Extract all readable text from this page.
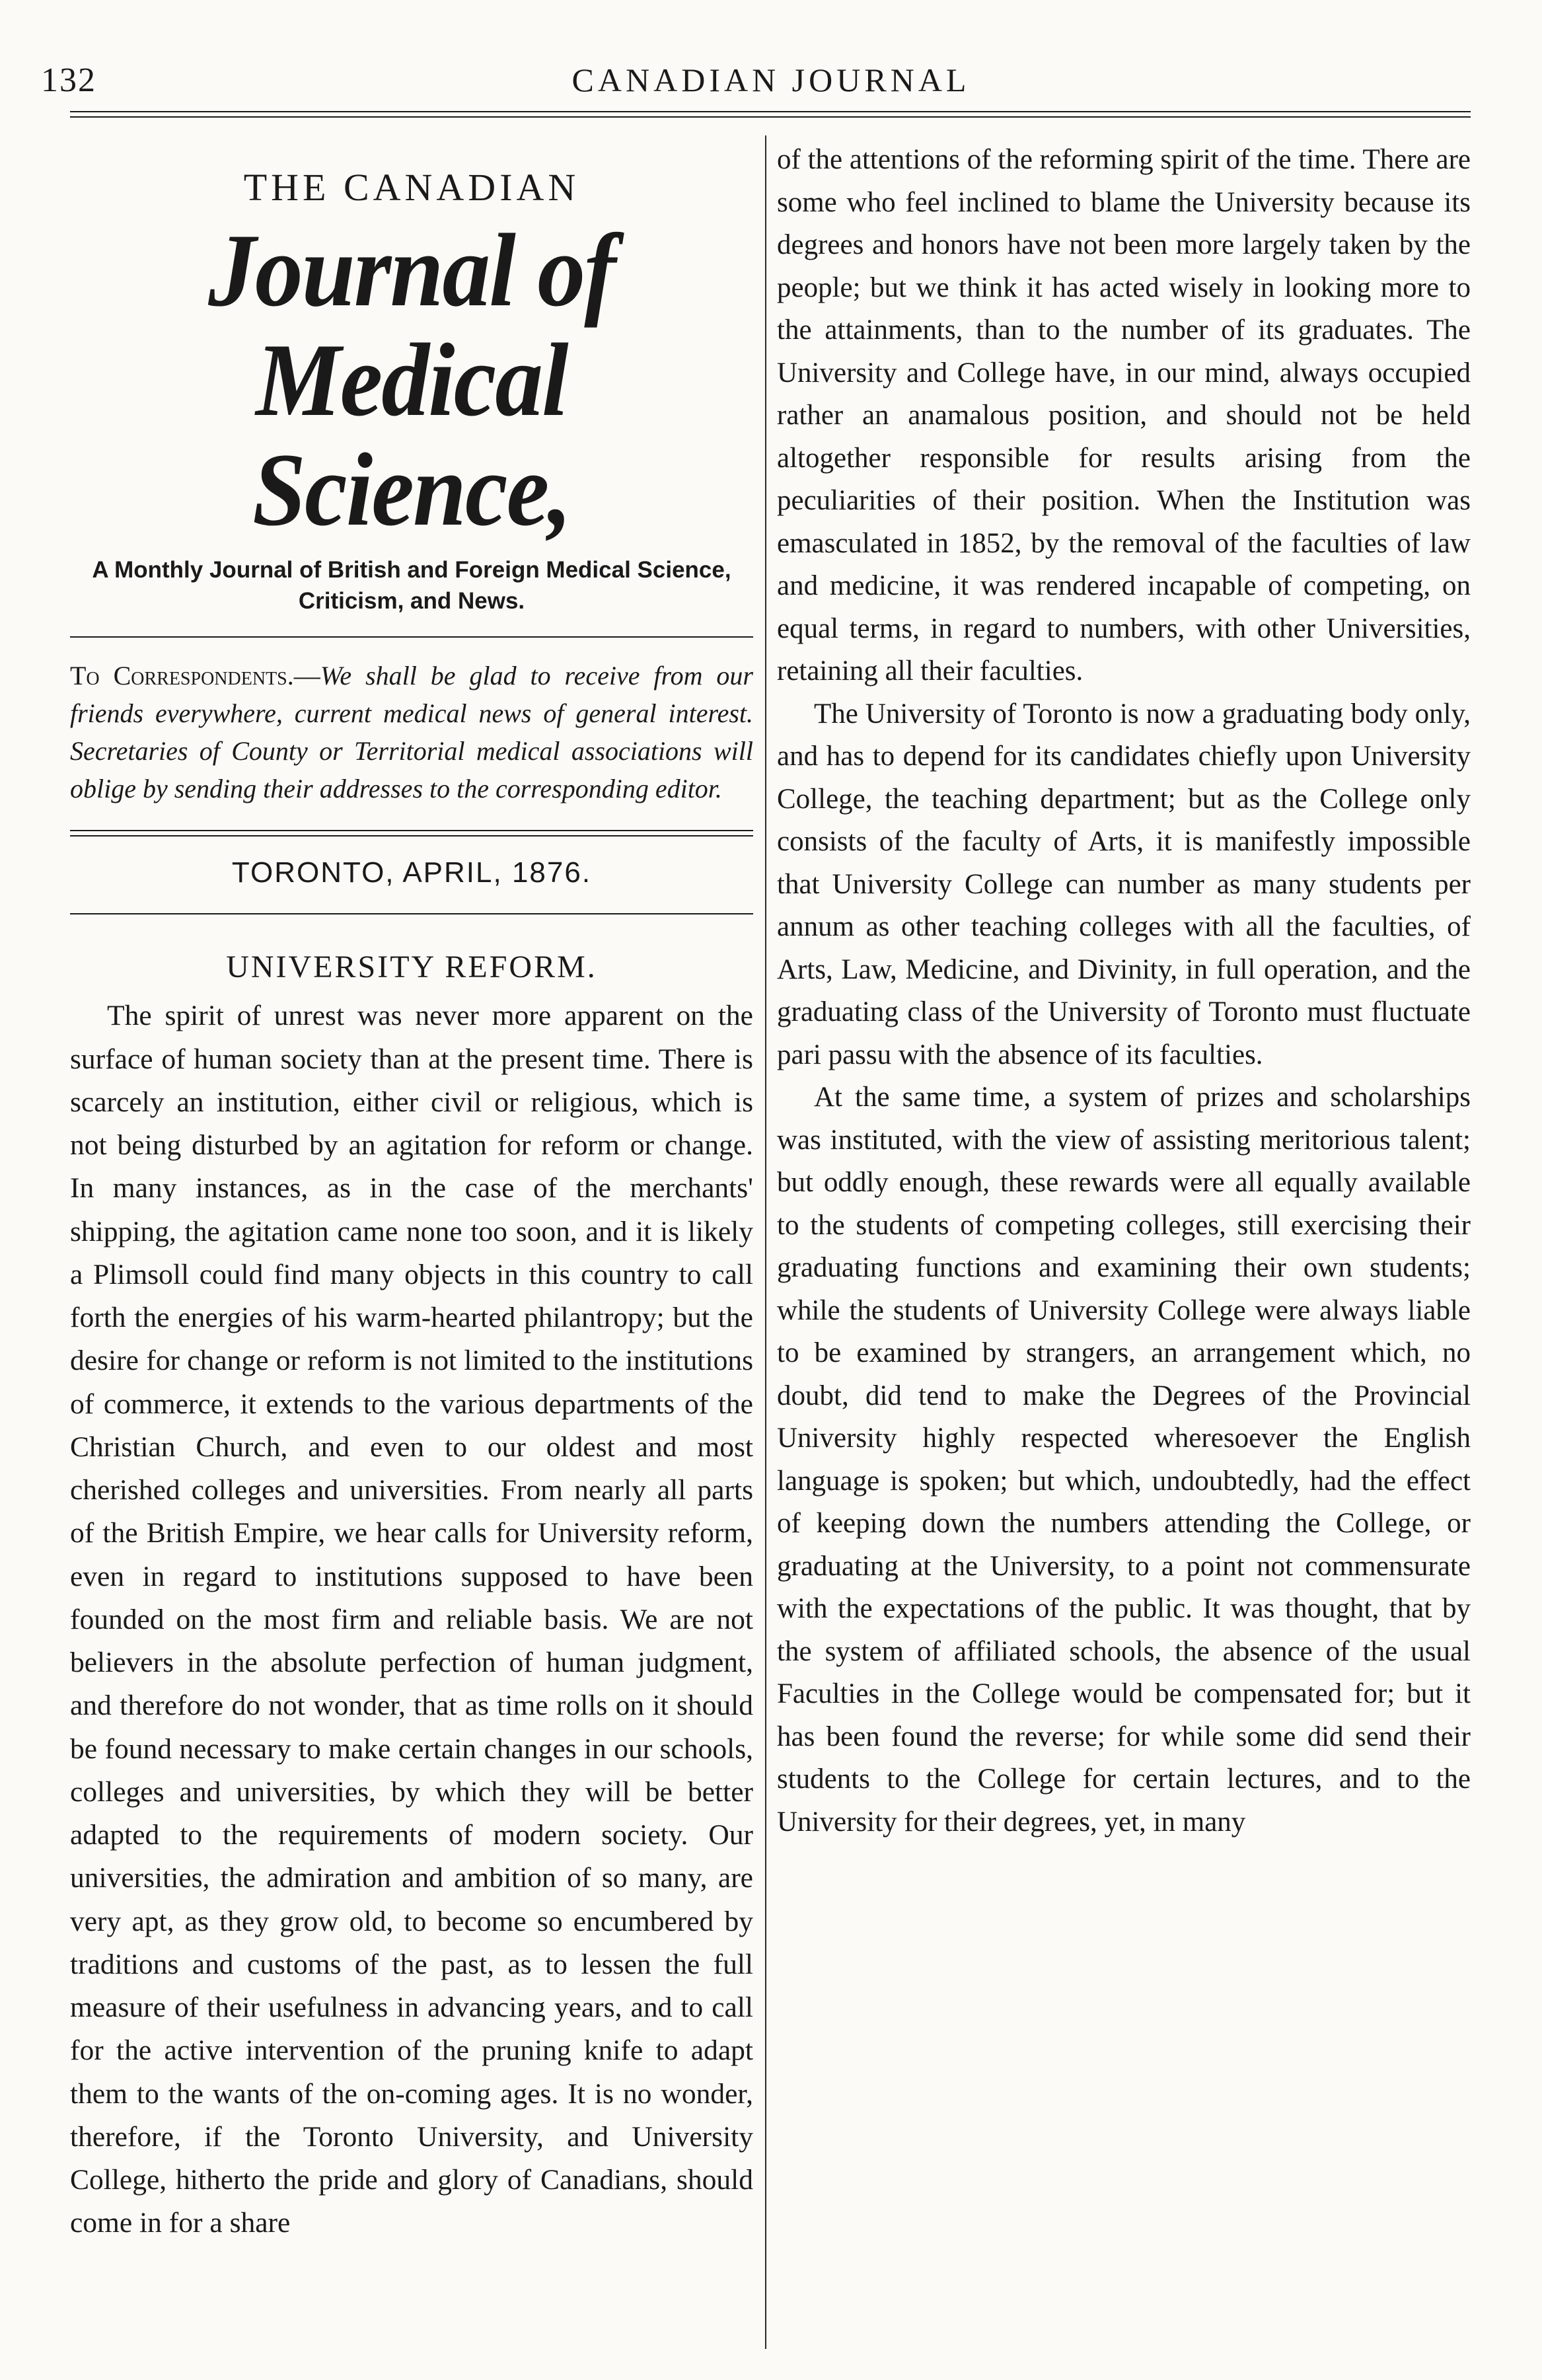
132	CANADIAN JOURNAL
THE CANADIAN
Journal of Medical Science,

A Monthly Journal of British and Foreign Medical Science, Criticism, and News.

To Correspondents.—We shall be glad to receive from our friends everywhere, current medical news of general interest. Secretaries of County or Territorial medical associations will oblige by sending their addresses to the corresponding editor.

TORONTO, APRIL, 1876.

UNIVERSITY REFORM.

The spirit of unrest was never more apparent on the surface of human society than at the present time. There is scarcely an institution, either civil or religious, which is not being disturbed by an agitation for reform or change. In many instances, as in the case of the merchants' shipping, the agitation came none too soon, and it is likely a Plimsoll could find many objects in this country to call forth the energies of his warm-hearted philantropy; but the desire for change or reform is not limited to the institutions of commerce, it extends to the various departments of the Christian Church, and even to our oldest and most cherished colleges and universities. From nearly all parts of the British Empire, we hear calls for University reform, even in regard to institutions supposed to have been founded on the most firm and reliable basis. We are not believers in the absolute perfection of human judgment, and therefore do not wonder, that as time rolls on it should be found necessary to make certain changes in our schools, colleges and universities, by which they will be better adapted to the requirements of modern society. Our universities, the admiration and ambition of so many, are very apt, as they grow old, to become so encumbered by traditions and customs of the past, as to lessen the full measure of their usefulness in advancing years, and to call for the active intervention of the pruning knife to adapt them to the wants of the on-coming ages. It is no wonder, therefore, if the Toronto University, and University College, hitherto the pride and glory of Canadians, should come in for a share

of the attentions of the reforming spirit of the time. There are some who feel inclined to blame the University because its degrees and honors have not been more largely taken by the people; but we think it has acted wisely in looking more to the attainments, than to the number of its graduates. The University and College have, in our mind, always occupied rather an anamalous position, and should not be held altogether responsible for results arising from the peculiarities of their position. When the Institution was emasculated in 1852, by the removal of the faculties of law and medicine, it was rendered incapable of competing, on equal terms, in regard to numbers, with other Universities, retaining all their faculties.

The University of Toronto is now a graduating body only, and has to depend for its candidates chiefly upon University College, the teaching department; but as the College only consists of the faculty of Arts, it is manifestly impossible that University College can number as many students per annum as other teaching colleges with all the faculties, of Arts, Law, Medicine, and Divinity, in full operation, and the graduating class of the University of Toronto must fluctuate pari passu with the absence of its faculties.

At the same time, a system of prizes and scholarships was instituted, with the view of assisting meritorious talent; but oddly enough, these rewards were all equally available to the students of competing colleges, still exercising their graduating functions and examining their own students; while the students of University College were always liable to be examined by strangers, an arrangement which, no doubt, did tend to make the Degrees of the Provincial University highly respected wheresoever the English language is spoken; but which, undoubtedly, had the effect of keeping down the numbers attending the College, or graduating at the University, to a point not commensurate with the expectations of the public. It was thought, that by the system of affiliated schools, the absence of the usual Faculties in the College would be compensated for; but it has been found the reverse; for while some did send their students to the College for certain lectures, and to the University for their degrees, yet, in many
